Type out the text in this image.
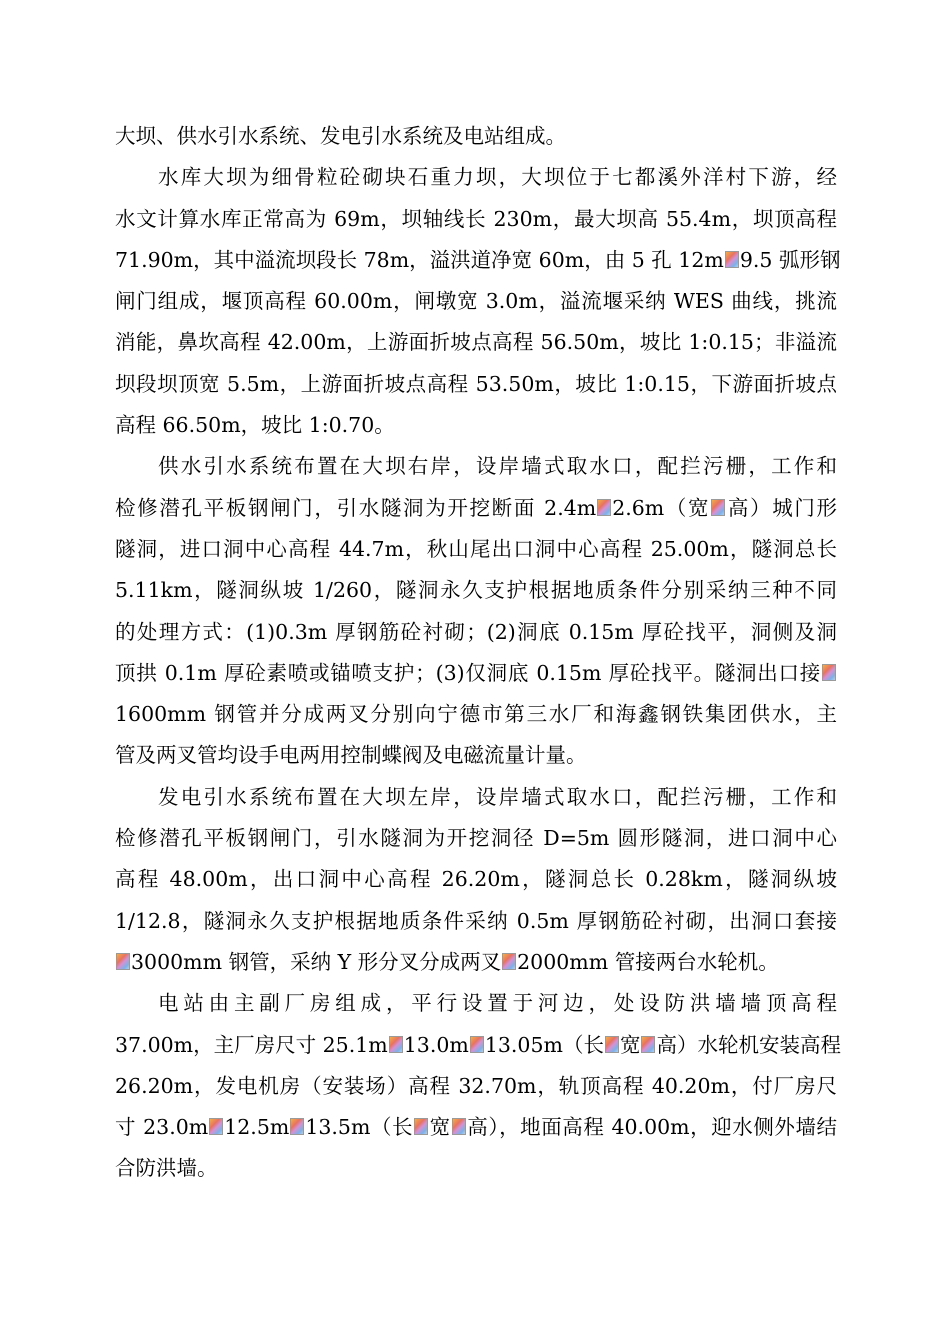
大坝、供水引水系统、发电引水系统及电站组成。
水库大坝为细骨粒砼砌块石重力坝，大坝位于七都溪外洋村下游，经
水文计算水库正常高为 69m，坝轴线长 230m，最大坝高 55.4m，坝顶高程
71.90m，其中溢流坝段长 78m，溢洪道净宽 60m，由 5 孔 12m 9.5 弧形钢
闸门组成，堰顶高程 60.00m，闸墩宽 3.0m，溢流堰采纳 WES 曲线，挑流
消能，鼻坎高程 42.00m，上游面折坡点高程 56.50m，坡比 1:0.15；非溢流
坝段坝顶宽 5.5m，上游面折坡点高程 53.50m，坡比 1:0.15，下游面折坡点
高程 66.50m，坡比 1:0.70。
供水引水系统布置在大坝右岸，设岸墙式取水口，配拦污栅，工作和
检修潜孔平板钢闸门，引水隧洞为开挖断面 2.4m 2.6m（宽 高）城门形
隧洞，进口洞中心高程 44.7m，秋山尾出口洞中心高程 25.00m，隧洞总长
5.11km，隧洞纵坡 1/260，隧洞永久支护根据地质条件分别采纳三种不同
的处理方式：(1)0.3m 厚钢筋砼衬砌；(2)洞底 0.15m 厚砼找平，洞侧及洞
顶拱 0.1m 厚砼素喷或锚喷支护；(3)仅洞底 0.15m 厚砼找平。隧洞出口接
1600mm 钢管并分成两叉分别向宁德市第三水厂和海鑫钢铁集团供水，主
管及两叉管均设手电两用控制蝶阀及电磁流量计量。
发电引水系统布置在大坝左岸，设岸墙式取水口，配拦污栅，工作和
检修潜孔平板钢闸门，引水隧洞为开挖洞径 D=5m 圆形隧洞，进口洞中心
高程 48.00m，出口洞中心高程 26.20m，隧洞总长 0.28km，隧洞纵坡
1/12.8，隧洞永久支护根据地质条件采纳 0.5m 厚钢筋砼衬砌，出洞口套接
3000mm 钢管，采纳 Y 形分叉分成两叉 2000mm 管接两台水轮机。
电站由主副厂房组成，平行设置于河边，处设防洪墙墙顶高程
37.00m，主厂房尺寸 25.1m 13.0m 13.05m（长 宽 高）水轮机安装高程
26.20m，发电机房（安装场）高程 32.70m，轨顶高程 40.20m，付厂房尺
寸 23.0m 12.5m 13.5m（长 宽 高），地面高程 40.00m，迎水侧外墙结
合防洪墙。
